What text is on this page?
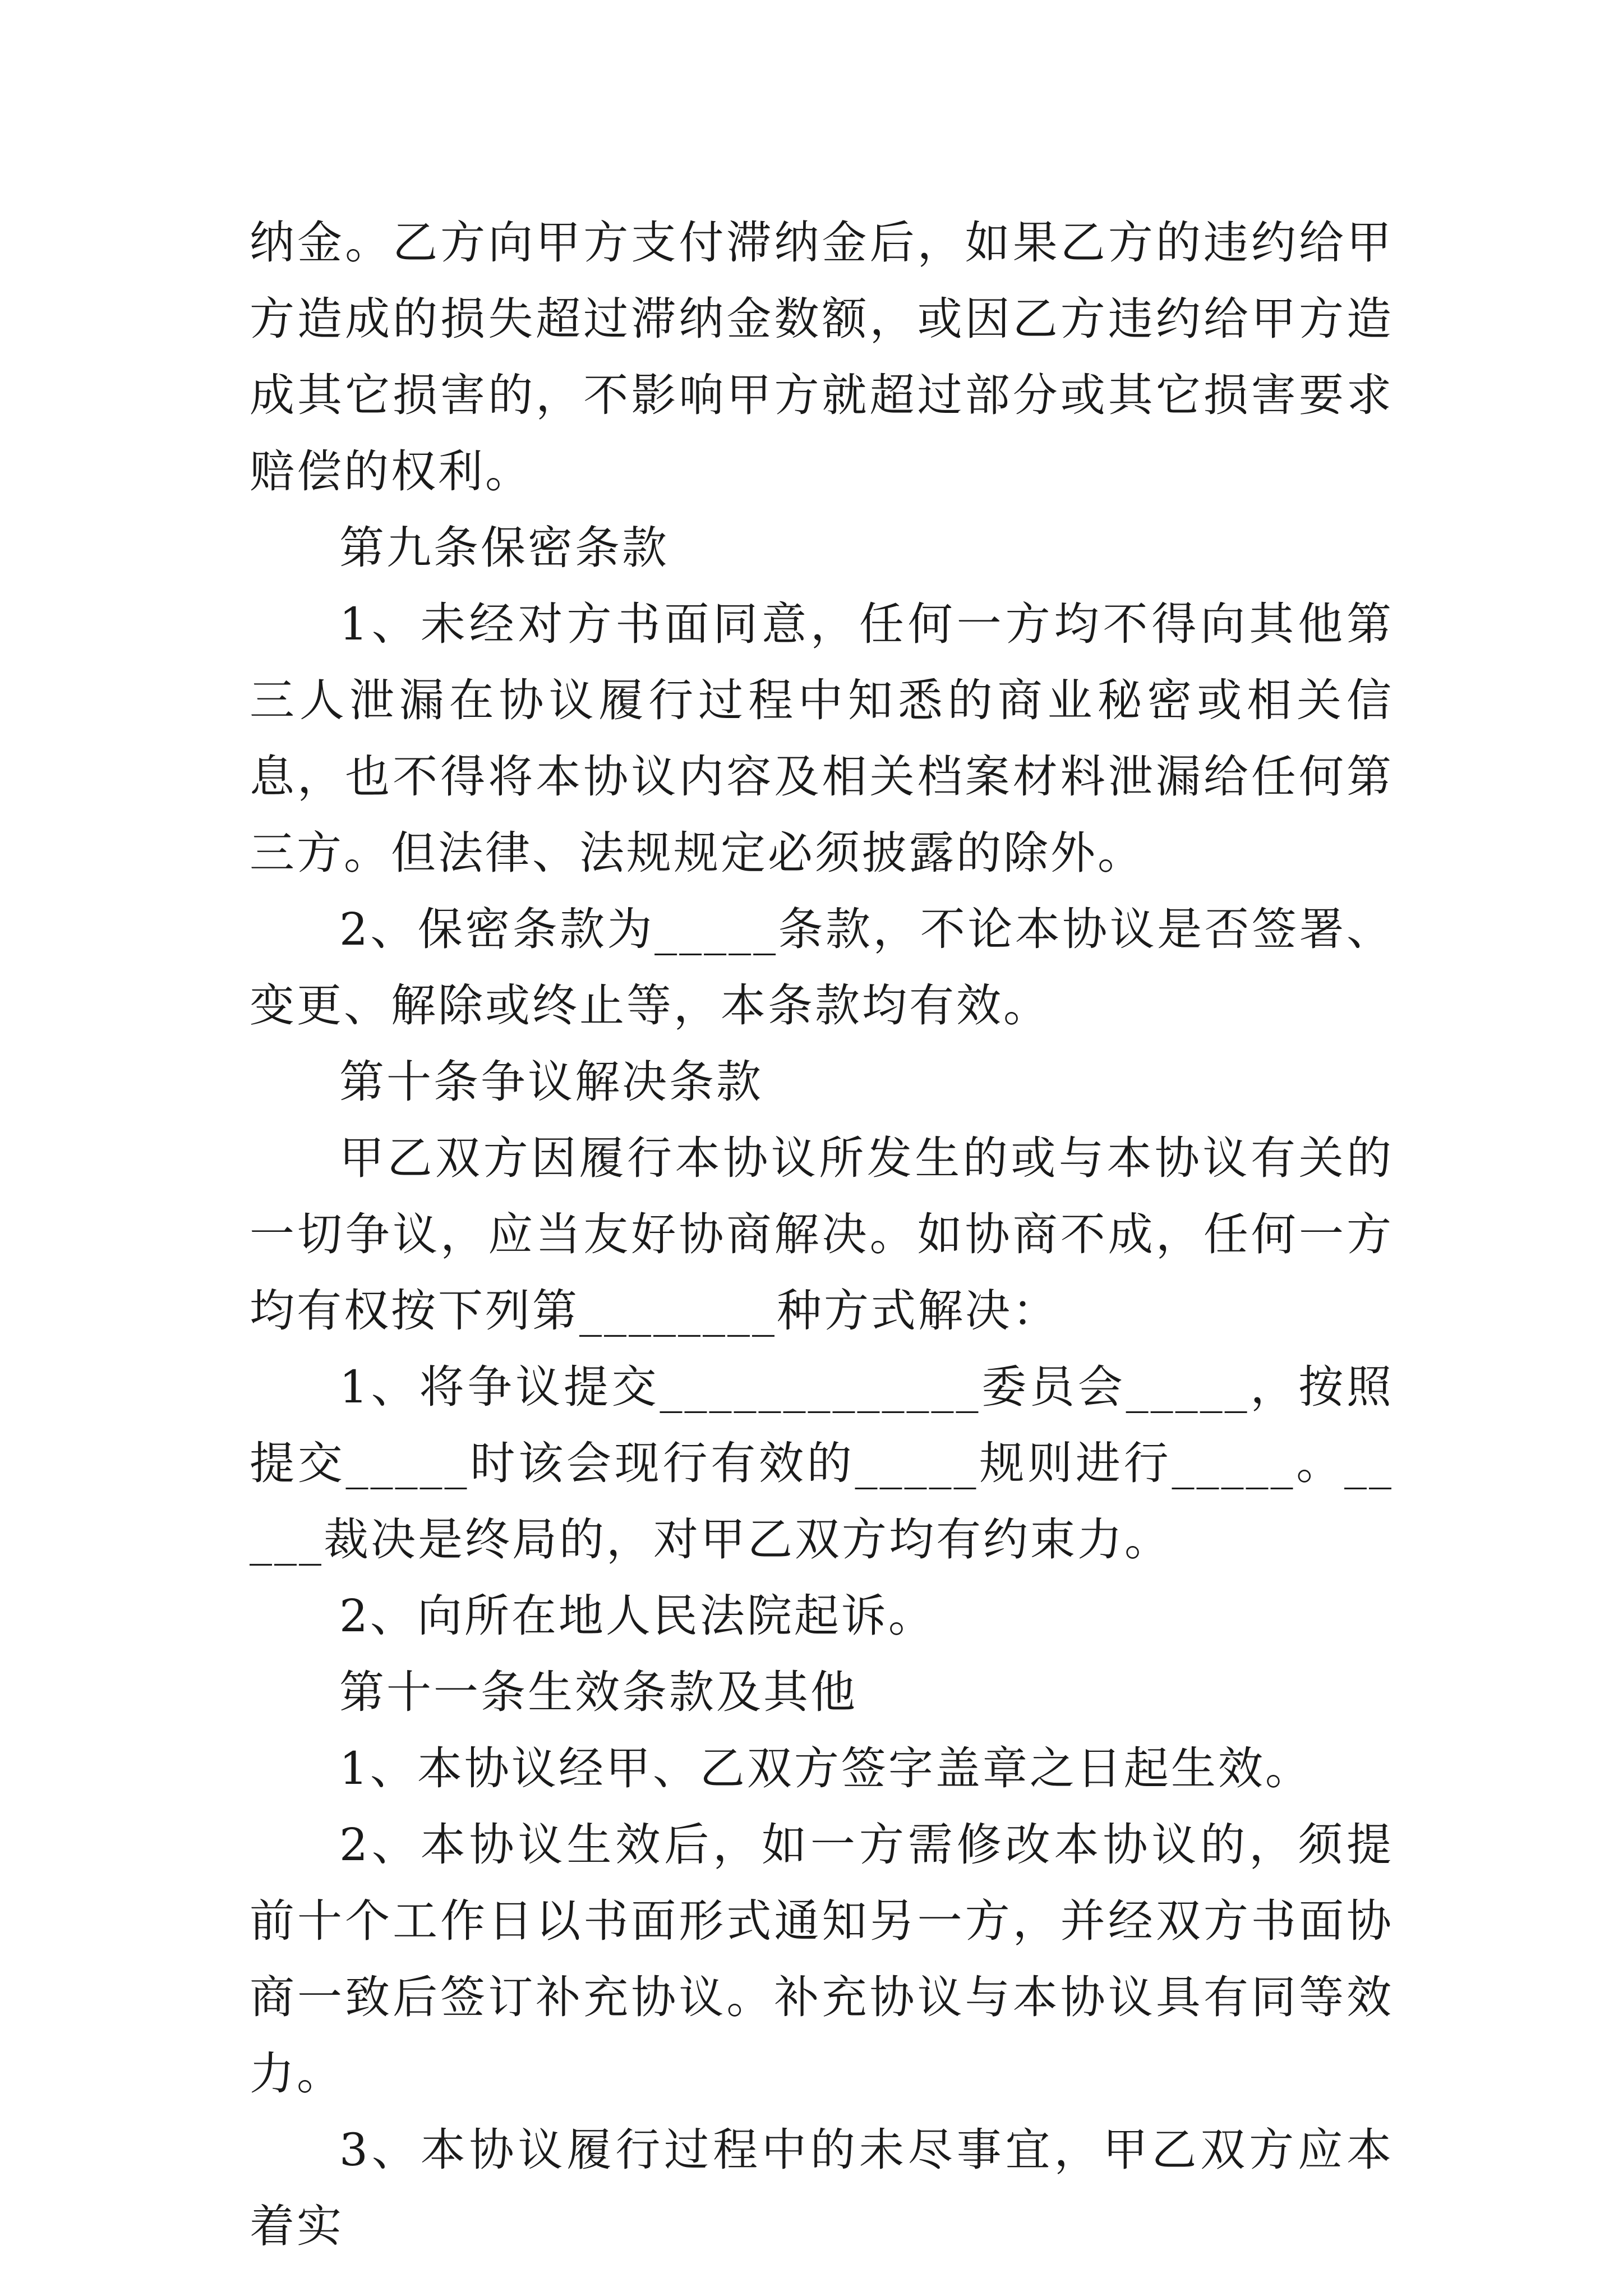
纳金。乙方向甲方支付滞纳金后，如果乙方的违约给甲方造成的损失超过滞纳金数额，或因乙方违约给甲方造成其它损害的，不影响甲方就超过部分或其它损害要求赔偿的权利。

第九条保密条款

1、未经对方书面同意，任何一方均不得向其他第三人泄漏在协议履行过程中知悉的商业秘密或相关信息，也不得将本协议内容及相关档案材料泄漏给任何第三方。但法律、法规规定必须披露的除外。

2、保密条款为_____条款，不论本协议是否签署、变更、解除或终止等，本条款均有效。

第十条争议解决条款

甲乙双方因履行本协议所发生的或与本协议有关的一切争议，应当友好协商解决。如协商不成，任何一方均有权按下列第________种方式解决：

1、将争议提交_____________委员会_____，按照提交_____时该会现行有效的_____规则进行_____。_____裁决是终局的，对甲乙双方均有约束力。

2、向所在地人民法院起诉。

第十一条生效条款及其他

1、本协议经甲、乙双方签字盖章之日起生效。

2、本协议生效后，如一方需修改本协议的，须提前十个工作日以书面形式通知另一方，并经双方书面协商一致后签订补充协议。补充协议与本协议具有同等效力。

3、本协议履行过程中的未尽事宜，甲乙双方应本着实
